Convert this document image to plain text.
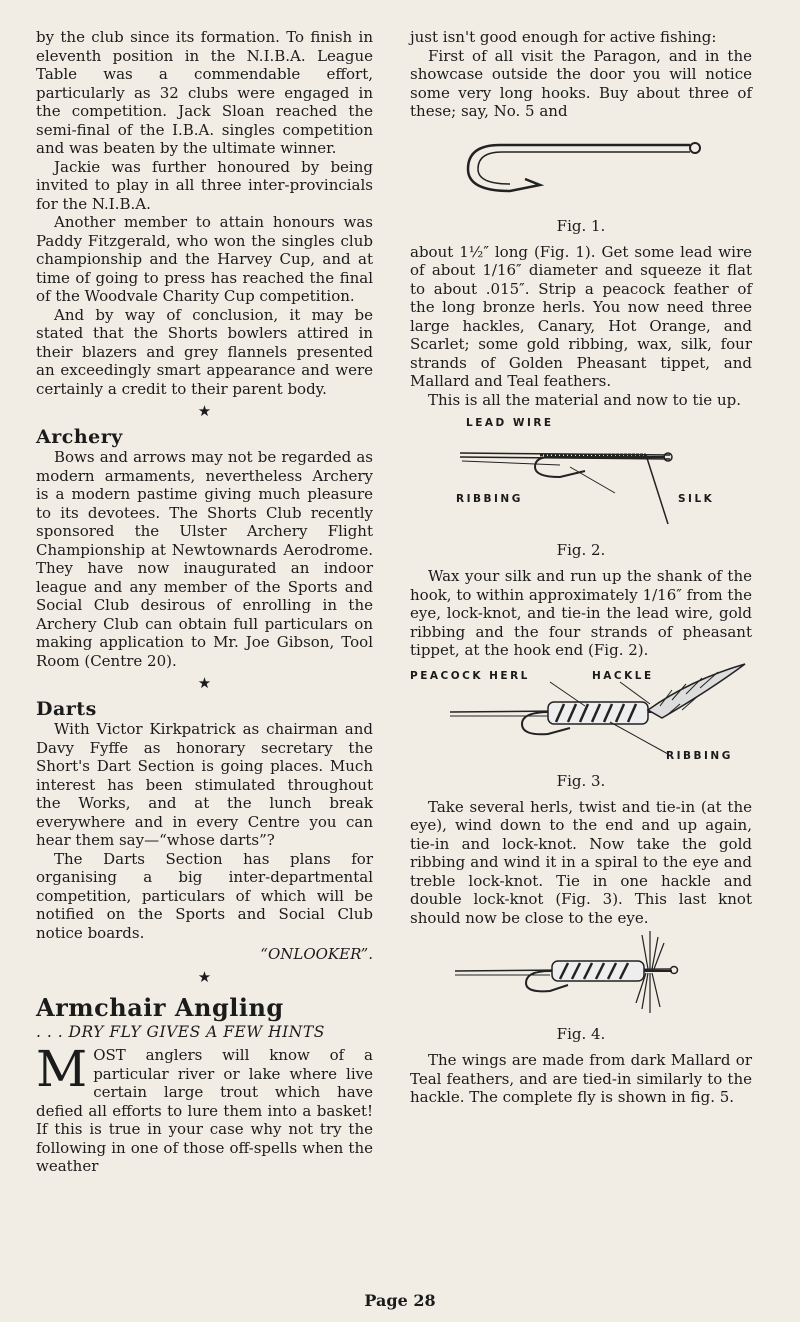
by the club since its formation. To finish in eleventh position in the N.I.B.A. League Table was a commendable effort, particularly as 32 clubs were engaged in the competition. Jack Sloan reached the semi-final of the I.B.A. singles competition and was beaten by the ultimate winner.

Jackie was further honoured by being invited to play in all three inter-provincials for the N.I.B.A.

Another member to attain honours was Paddy Fitzgerald, who won the singles club championship and the Harvey Cup, and at time of going to press has reached the final of the Woodvale Charity Cup competition.

And by way of conclusion, it may be stated that the Shorts bowlers attired in their blazers and grey flannels presented an exceedingly smart appearance and were certainly a credit to their parent body.

★
Archery

Bows and arrows may not be regarded as modern armaments, nevertheless Archery is a modern pastime giving much pleasure to its devotees. The Shorts Club recently sponsored the Ulster Archery Flight Championship at Newtownards Aerodrome. They have now inaugurated an indoor league and any member of the Sports and Social Club desirous of enrolling in the Archery Club can obtain full particulars on making application to Mr. Joe Gibson, Tool Room (Centre 20).

★
Darts

With Victor Kirkpatrick as chairman and Davy Fyffe as honorary secretary the Short's Dart Section is going places. Much interest has been stimulated throughout the Works, and at the lunch break everywhere and in every Centre you can hear them say—“whose darts”?

The Darts Section has plans for organising a big inter-departmental competition, particulars of which will be notified on the Sports and Social Club notice boards.

“ONLOOKER”.
★
Armchair Angling
. . . DRY FLY GIVES A FEW HINTS

MOST anglers will know of a particular river or lake where live certain large trout which have defied all efforts to lure them into a basket! If this is true in your case why not try the following in one of those off-spells when the weather

just isn't good enough for active fishing:

First of all visit the Paragon, and in the showcase outside the door you will notice some very long hooks. Buy about three of these; say, No. 5 and

Fig. 1.

about 1½″ long (Fig. 1). Get some lead wire of about 1/16″ diameter and squeeze it flat to about .015″. Strip a peacock feather of the long bronze herls. You now need three large hackles, Canary, Hot Orange, and Scarlet; some gold ribbing, wax, silk, four strands of Golden Pheasant tippet, and Mallard and Teal feathers.

This is all the material and now to tie up.

LEAD WIRE
RIBBING	SILK
Fig. 2.

Wax your silk and run up the shank of the hook, to within approximately 1/16″ from the eye, lock-knot, and tie-in the lead wire, gold ribbing and the four strands of pheasant tippet, at the hook end (Fig. 2).

PEACOCK HERL	HACKLE
RIBBING
Fig. 3.

Take several herls, twist and tie-in (at the eye), wind down to the end and up again, tie-in and lock-knot. Now take the gold ribbing and wind it in a spiral to the eye and treble lock-knot. Tie in one hackle and double lock-knot (Fig. 3). This last knot should now be close to the eye.

Fig. 4.

The wings are made from dark Mallard or Teal feathers, and are tied-in similarly to the hackle. The complete fly is shown in fig. 5.

Page 28
